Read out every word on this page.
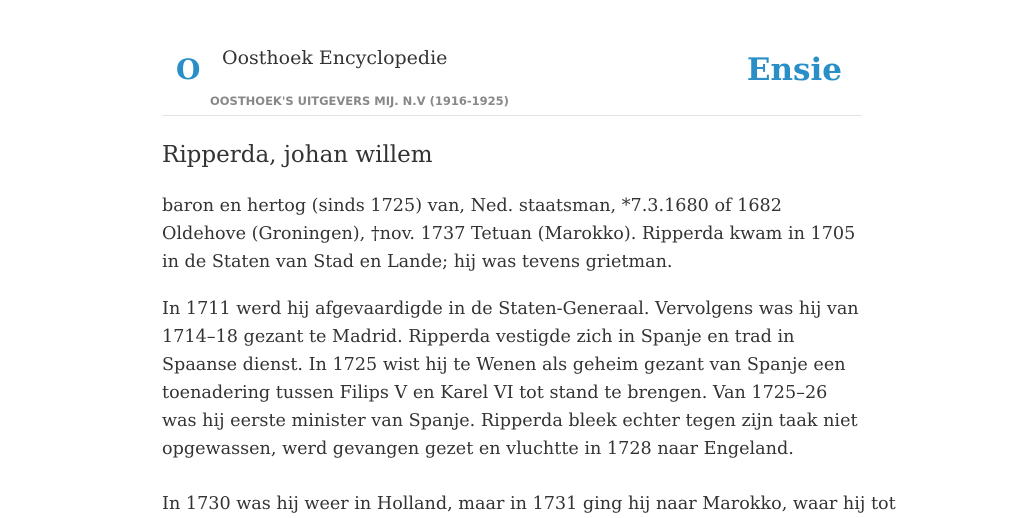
O Oosthoek Encyclopedie
OOSTHOEK'S UITGEVERS MIJ. N.V (1916-1925)
Ensie
Ripperda, johan willem

baron en hertog (sinds 1725) van, Ned. staatsman, *7.3.1680 of 1682 Oldehove (Groningen), †nov. 1737 Tetuan (Marokko). Ripperda kwam in 1705 in de Staten van Stad en Lande; hij was tevens grietman.

In 1711 werd hij afgevaardigde in de Staten-Generaal. Vervolgens was hij van 1714–18 gezant te Madrid. Ripperda vestigde zich in Spanje en trad in Spaanse dienst. In 1725 wist hij te Wenen als geheim gezant van Spanje een toenadering tussen Filips V en Karel VI tot stand te brengen. Van 1725–26 was hij eerste minister van Spanje. Ripperda bleek echter tegen zijn taak niet opgewassen, werd gevangen gezet en vluchtte in 1728 naar Engeland.

In 1730 was hij weer in Holland, maar in 1731 ging hij naar Marokko, waar hij tot
